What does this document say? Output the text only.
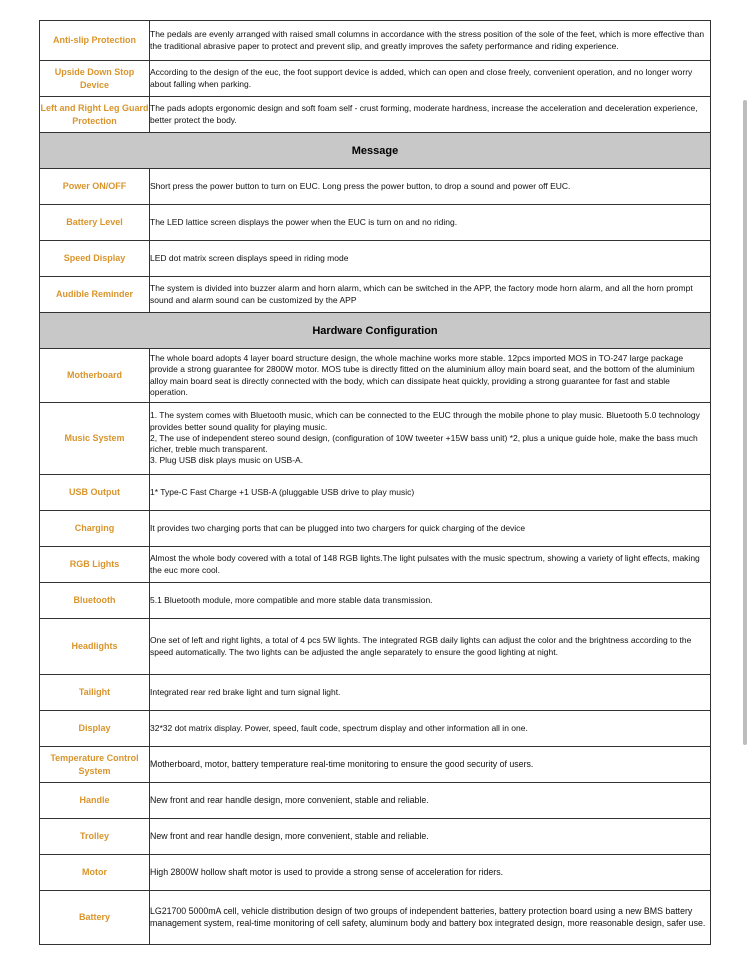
Anti-slip Protection	The pedals are evenly arranged with raised small columns in accordance with the stress position of the sole of the feet, which is more effective than the traditional abrasive paper to protect and prevent slip, and greatly improves the safety performance and riding experience.
Upside Down Stop Device	According to the design of the euc, the foot support device is added, which can open and close freely, convenient operation, and no longer worry about falling when parking.
Left and Right Leg Guard Protection	The pads adopts ergonomic design and soft foam self - crust forming, moderate hardness, increase the acceleration and deceleration experience, better protect the body.
Message	
Power ON/OFF	Short press the power button to turn on EUC. Long press the power button, to drop a sound and power off EUC.
Battery Level	The LED lattice screen displays the power when the EUC is turn on and no riding.
Speed Display	LED dot matrix screen displays speed in riding mode
Audible Reminder	The system is divided into buzzer alarm and horn alarm, which can be switched in the APP, the factory mode horn alarm, and all the horn prompt sound and alarm sound can be customized by the APP
Hardware Configuration	
Motherboard	The whole board adopts 4 layer board structure design, the whole machine works more stable. 12pcs imported MOS in TO-247 large package provide a strong guarantee for 2800W motor. MOS tube is directly fitted on the aluminium alloy main board seat, and the bottom of the aluminium alloy main board seat is directly connected with the body, which can dissipate heat quickly, providing a strong guarantee for fast and stable operation.
Music System	1. The system comes with Bluetooth music, which can be connected to the EUC through the mobile phone to play music. Bluetooth 5.0 technology provides better sound quality for playing music.
2, The use of independent stereo sound design, (configuration of 10W tweeter +15W bass unit) *2, plus a unique guide hole, make the bass much richer, treble much transparent.
3. Plug USB disk plays music on USB-A.

USB Output	1* Type-C Fast Charge +1 USB-A (pluggable USB drive to play music)
Charging	It provides two charging ports that can be plugged into two chargers for quick charging of the device
RGB Lights	Almost the whole body covered with a total of 148 RGB lights.The light pulsates with the music spectrum, showing a variety of light effects, making the euc more cool.
Bluetooth	5.1 Bluetooth module, more compatible and more stable data transmission.
Headlights	One set of left and right lights, a total of 4 pcs 5W lights. The integrated RGB daily lights can adjust the color and the brightness according to the speed automatically. The two lights can be adjusted the angle separately to ensure the good lighting at night.
Tailight	Integrated rear red brake light and turn signal light.
Display	32*32 dot matrix display. Power, speed, fault code, spectrum display and other information all in one.
Temperature Control System	Motherboard, motor, battery temperature real-time monitoring to ensure the good security of users.
Handle	New front and rear handle design, more convenient, stable and reliable.
Trolley	New front and rear handle design, more convenient, stable and reliable.
Motor	High 2800W hollow shaft motor is used to provide a strong sense of acceleration for riders.
Battery	LG21700 5000mA cell, vehicle distribution design of two groups of independent batteries, battery protection board using a new BMS battery management system, real-time monitoring of cell safety, aluminum body and battery box integrated design, more reasonable design, safer use.
